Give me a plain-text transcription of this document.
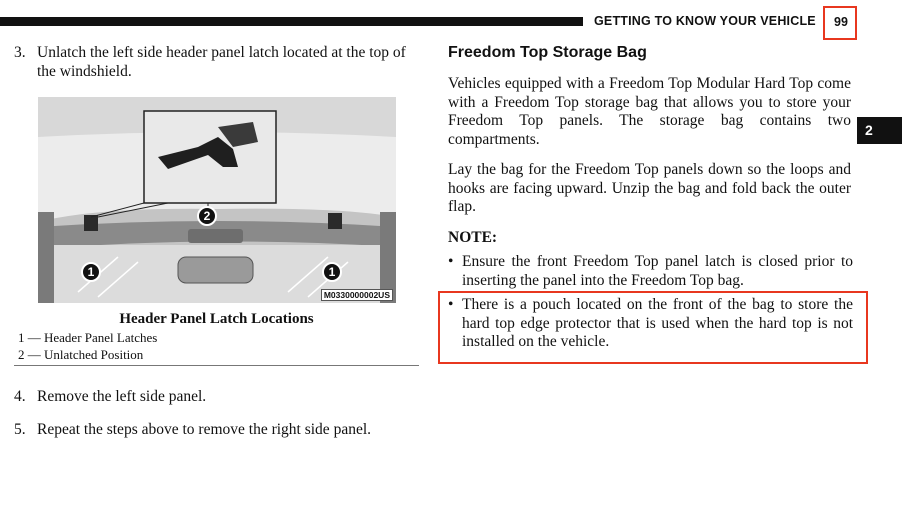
GETTING TO KNOW YOUR VEHICLE	99
2
3. Unlatch the left side header panel latch located at the top of the windshield.
2
1	1
M0330000002US
Header Panel Latch Locations
1 — Header Panel Latches
2 — Unlatched Position
4. Remove the left side panel.
5. Repeat the steps above to remove the right side panel.
Freedom Top Storage Bag
Vehicles equipped with a Freedom Top Modular Hard Top come with a Freedom Top storage bag that allows you to store your Freedom Top panels. The storage bag contains two compartments.
Lay the bag for the Freedom Top panels down so the loops and hooks are facing upward. Unzip the bag and fold back the outer flap.
NOTE:
• Ensure the front Freedom Top panel latch is closed prior to inserting the panel into the Freedom Top bag.
• There is a pouch located on the front of the bag to store the hard top edge protector that is used when the hard top is not installed on the vehicle.
